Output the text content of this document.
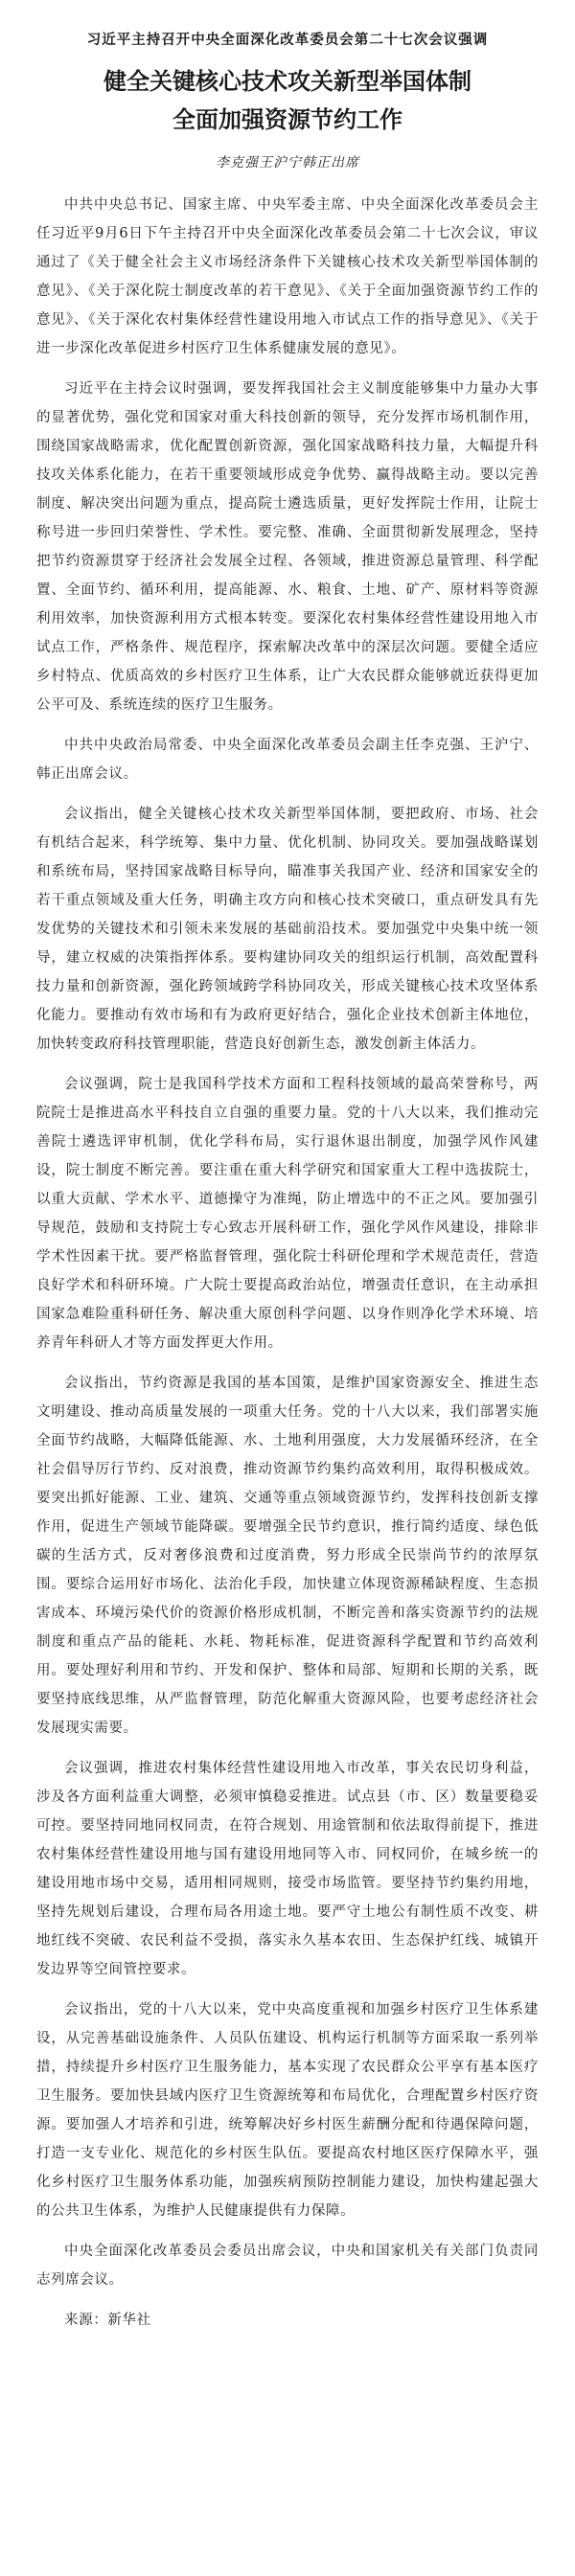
习近平主持召开中央全面深化改革委员会第二十七次会议强调

健全关键核心技术攻关新型举国体制
全面加强资源节约工作

李克强王沪宁韩正出席

中共中央总书记、国家主席、中央军委主席、中央全面深化改革委员会主任习近平9月6日下午主持召开中央全面深化改革委员会第二十七次会议，审议通过了《关于健全社会主义市场经济条件下关键核心技术攻关新型举国体制的意见》、《关于深化院士制度改革的若干意见》、《关于全面加强资源节约工作的意见》、《关于深化农村集体经营性建设用地入市试点工作的指导意见》、《关于进一步深化改革促进乡村医疗卫生体系健康发展的意见》。

习近平在主持会议时强调，要发挥我国社会主义制度能够集中力量办大事的显著优势，强化党和国家对重大科技创新的领导，充分发挥市场机制作用，围绕国家战略需求，优化配置创新资源，强化国家战略科技力量，大幅提升科技攻关体系化能力，在若干重要领域形成竞争优势、赢得战略主动。要以完善制度、解决突出问题为重点，提高院士遴选质量，更好发挥院士作用，让院士称号进一步回归荣誉性、学术性。要完整、准确、全面贯彻新发展理念，坚持把节约资源贯穿于经济社会发展全过程、各领域，推进资源总量管理、科学配置、全面节约、循环利用，提高能源、水、粮食、土地、矿产、原材料等资源利用效率，加快资源利用方式根本转变。要深化农村集体经营性建设用地入市试点工作，严格条件、规范程序，探索解决改革中的深层次问题。要健全适应乡村特点、优质高效的乡村医疗卫生体系，让广大农民群众能够就近获得更加公平可及、系统连续的医疗卫生服务。

中共中央政治局常委、中央全面深化改革委员会副主任李克强、王沪宁、韩正出席会议。

会议指出，健全关键核心技术攻关新型举国体制，要把政府、市场、社会有机结合起来，科学统筹、集中力量、优化机制、协同攻关。要加强战略谋划和系统布局，坚持国家战略目标导向，瞄准事关我国产业、经济和国家安全的若干重点领域及重大任务，明确主攻方向和核心技术突破口，重点研发具有先发优势的关键技术和引领未来发展的基础前沿技术。要加强党中央集中统一领导，建立权威的决策指挥体系。要构建协同攻关的组织运行机制，高效配置科技力量和创新资源，强化跨领域跨学科协同攻关，形成关键核心技术攻坚体系化能力。要推动有效市场和有为政府更好结合，强化企业技术创新主体地位，加快转变政府科技管理职能，营造良好创新生态，激发创新主体活力。

会议强调，院士是我国科学技术方面和工程科技领域的最高荣誉称号，两院院士是推进高水平科技自立自强的重要力量。党的十八大以来，我们推动完善院士遴选评审机制，优化学科布局，实行退休退出制度，加强学风作风建设，院士制度不断完善。要注重在重大科学研究和国家重大工程中选拔院士，以重大贡献、学术水平、道德操守为准绳，防止增选中的不正之风。要加强引导规范，鼓励和支持院士专心致志开展科研工作，强化学风作风建设，排除非学术性因素干扰。要严格监督管理，强化院士科研伦理和学术规范责任，营造良好学术和科研环境。广大院士要提高政治站位，增强责任意识，在主动承担国家急难险重科研任务、解决重大原创科学问题、以身作则净化学术环境、培养青年科研人才等方面发挥更大作用。

会议指出，节约资源是我国的基本国策，是维护国家资源安全、推进生态文明建设、推动高质量发展的一项重大任务。党的十八大以来，我们部署实施全面节约战略，大幅降低能源、水、土地利用强度，大力发展循环经济，在全社会倡导厉行节约、反对浪费，推动资源节约集约高效利用，取得积极成效。要突出抓好能源、工业、建筑、交通等重点领域资源节约，发挥科技创新支撑作用，促进生产领域节能降碳。要增强全民节约意识，推行简约适度、绿色低碳的生活方式，反对奢侈浪费和过度消费，努力形成全民崇尚节约的浓厚氛围。要综合运用好市场化、法治化手段，加快建立体现资源稀缺程度、生态损害成本、环境污染代价的资源价格形成机制，不断完善和落实资源节约的法规制度和重点产品的能耗、水耗、物耗标准，促进资源科学配置和节约高效利用。要处理好利用和节约、开发和保护、整体和局部、短期和长期的关系，既要坚持底线思维，从严监督管理，防范化解重大资源风险，也要考虑经济社会发展现实需要。

会议强调，推进农村集体经营性建设用地入市改革，事关农民切身利益，涉及各方面利益重大调整，必须审慎稳妥推进。试点县（市、区）数量要稳妥可控。要坚持同地同权同责，在符合规划、用途管制和依法取得前提下，推进农村集体经营性建设用地与国有建设用地同等入市、同权同价，在城乡统一的建设用地市场中交易，适用相同规则，接受市场监管。要坚持节约集约用地，坚持先规划后建设，合理布局各用途土地。要严守土地公有制性质不改变、耕地红线不突破、农民利益不受损，落实永久基本农田、生态保护红线、城镇开发边界等空间管控要求。

会议指出，党的十八大以来，党中央高度重视和加强乡村医疗卫生体系建设，从完善基础设施条件、人员队伍建设、机构运行机制等方面采取一系列举措，持续提升乡村医疗卫生服务能力，基本实现了农民群众公平享有基本医疗卫生服务。要加快县域内医疗卫生资源统筹和布局优化，合理配置乡村医疗资源。要加强人才培养和引进，统筹解决好乡村医生薪酬分配和待遇保障问题，打造一支专业化、规范化的乡村医生队伍。要提高农村地区医疗保障水平，强化乡村医疗卫生服务体系功能，加强疾病预防控制能力建设，加快构建起强大的公共卫生体系，为维护人民健康提供有力保障。

中央全面深化改革委员会委员出席会议，中央和国家机关有关部门负责同志列席会议。

来源：新华社
